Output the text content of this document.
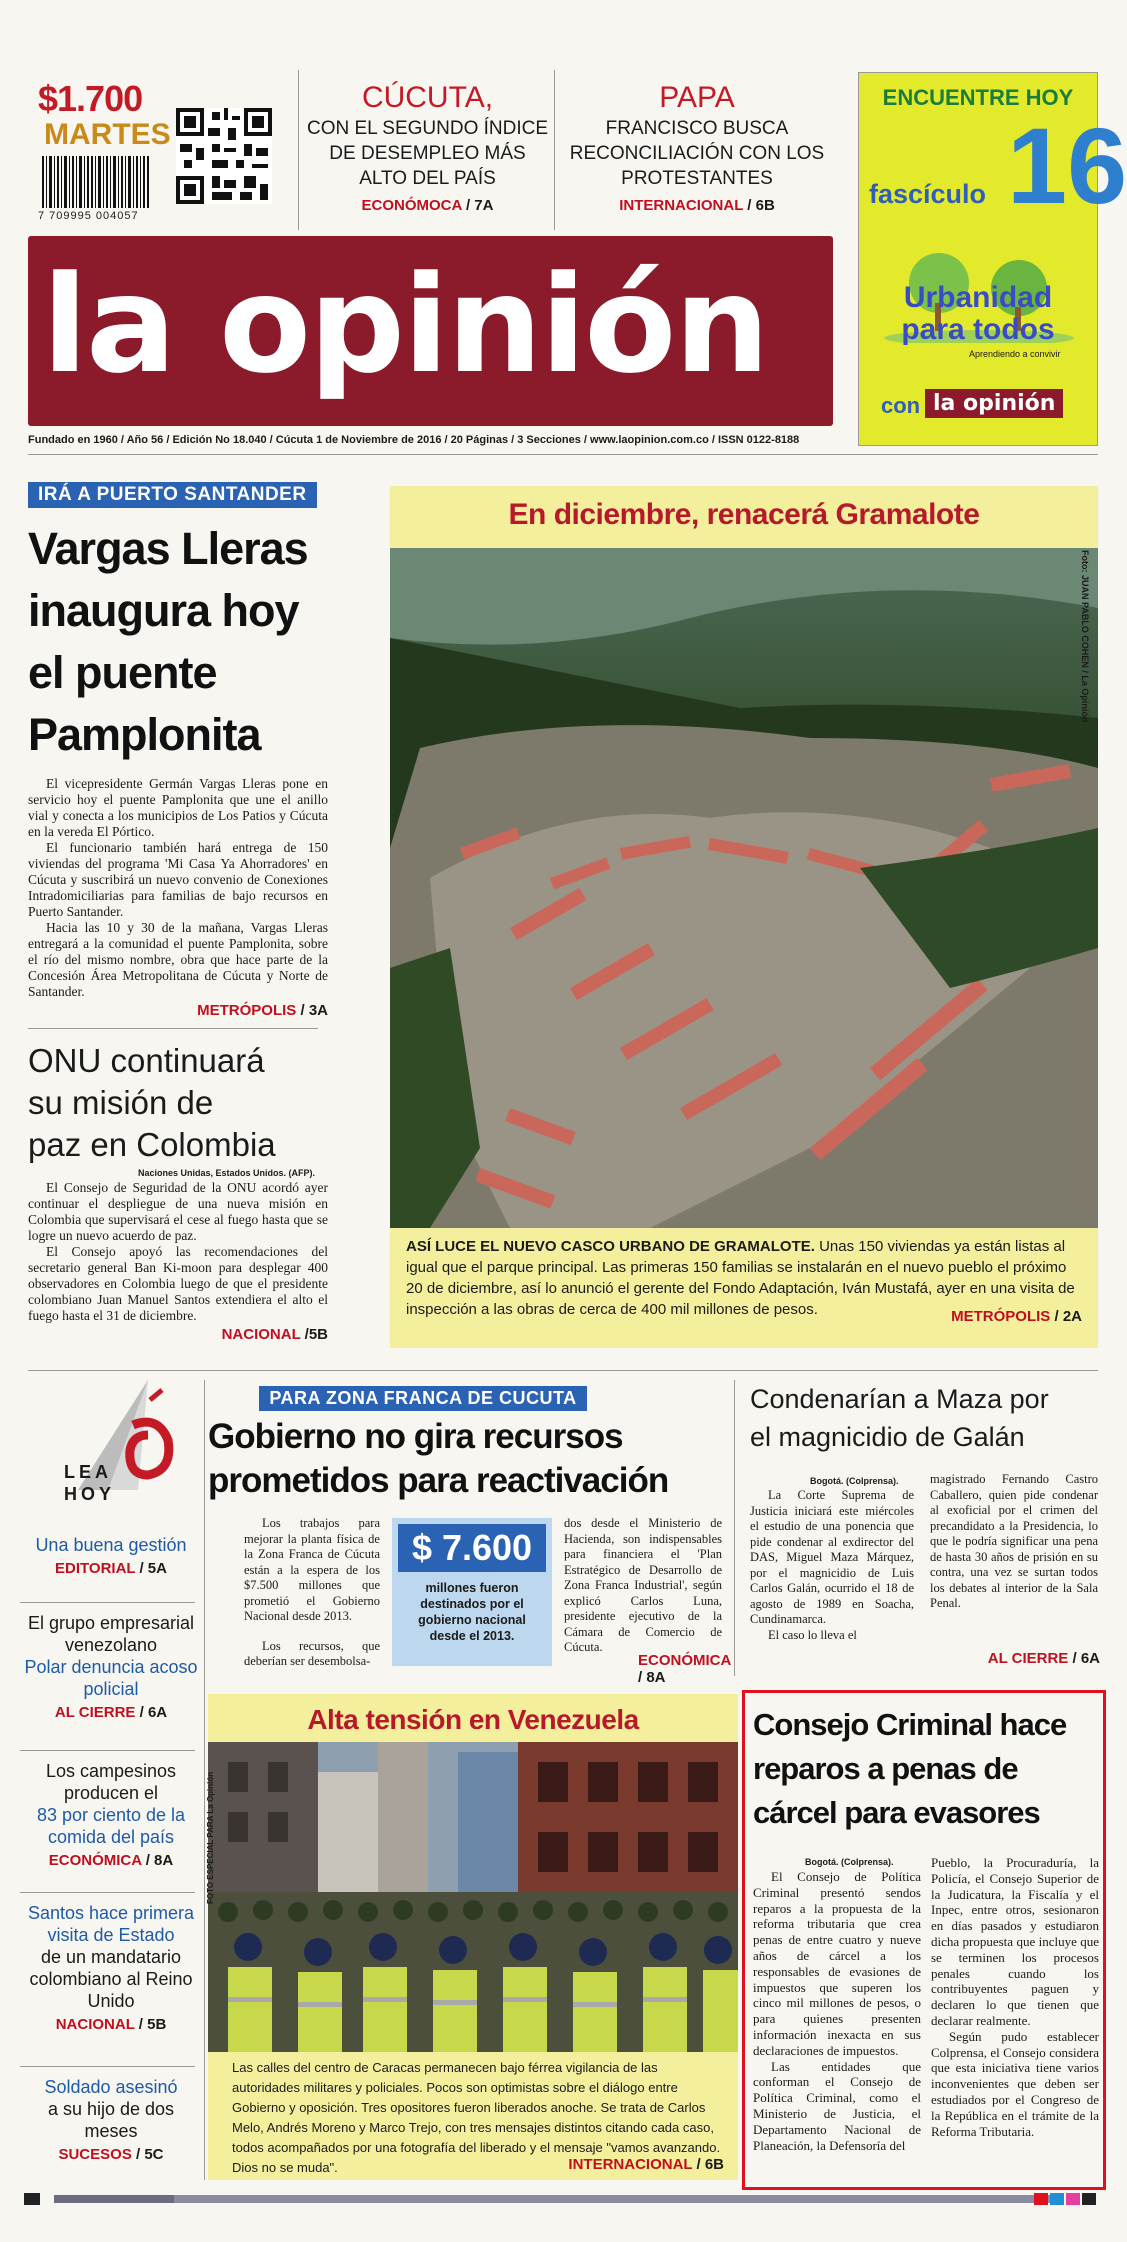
$1.700
MARTES
7 709995 004057
CÚCUTA,
CON EL SEGUNDO ÍNDICE DE DESEMPLEO MÁS ALTO DEL PAÍS
ECONÓMOCA / 7A
PAPA
FRANCISCO BUSCA RECONCILIACIÓN CON LOS PROTESTANTES
INTERNACIONAL / 6B
la opinión
Fundado en 1960 / Año 56 / Edición No 18.040 / Cúcuta 1 de Noviembre de 2016 / 20 Páginas / 3 Secciones / www.laopinion.com.co / ISSN 0122-8188
ENCUENTRE HOY
fascículo 16
Urbanidad
para todos
Aprendiendo a convivir
con la opinión
IRÁ A PUERTO SANTANDER
Vargas Lleras
inaugura hoy
el puente
Pamplonita

El vicepresidente Germán Vargas Lleras pone en servicio hoy el puente Pamplonita que une el anillo vial y conecta a los municipios de Los Patios y Cúcuta en la vereda El Pórtico.

El funcionario también hará entrega de 150 viviendas del programa 'Mi Casa Ya Ahorradores' en Cúcuta y suscribirá un nuevo convenio de Conexiones Intradomiciliarias para familias de bajo recursos en Puerto Santander.

Hacia las 10 y 30 de la mañana, Vargas Lleras entregará a la comunidad el puente Pamplonita, sobre el río del mismo nombre, obra que hace parte de la Concesión Área Metropolitana de Cúcuta y Norte de Santander.

METRÓPOLIS / 3A
ONU continuará
su misión de
paz en Colombia
Naciones Unidas, Estados Unidos. (AFP).

El Consejo de Seguridad de la ONU acordó ayer continuar el despliegue de una nueva misión en Colombia que supervisará el cese al fuego hasta que se logre un nuevo acuerdo de paz.

El Consejo apoyó las recomendaciones del secretario general Ban Ki-moon para desplegar 400 observadores en Colombia luego de que el presidente colombiano Juan Manuel Santos extendiera el alto el fuego hasta el 31 de diciembre.

NACIONAL /5B
En diciembre, renacerá Gramalote
Foto: JUAN PABLO COHEN / La Opinión
ASÍ LUCE EL NUEVO CASCO URBANO DE GRAMALOTE. Unas 150 viviendas ya están listas al igual que el parque principal. Las primeras 150 familias se instalarán en el nuevo pueblo el próximo 20 de diciembre, así lo anunció el gerente del Fondo Adaptación, Iván Mustafá, ayer en una visita de inspección a las obras de cerca de 400 mil millones de pesos.	METRÓPOLIS / 2A
LEA
HOY
Una buena gestión
EDITORIAL / 5A
El grupo empresarial venezolano
Polar denuncia acoso policial
AL CIERRE / 6A
Los campesinos producen el
83 por ciento de la comida del país
ECONÓMICA / 8A
Santos hace primera visita de Estado
de un mandatario colombiano al Reino Unido
NACIONAL / 5B
Soldado asesinó
a su hijo de dos meses
SUCESOS / 5C
PARA ZONA FRANCA DE CUCUTA
Gobierno no gira recursos
prometidos para reactivación

Los trabajos para mejorar la planta física de la Zona Franca de Cúcuta están a la espera de los $7.500 millones que prometió el Gobierno Nacional desde 2013.

Los recursos, que deberían ser desembolsa-

$ 7.600
millones fueron destinados por el gobierno nacional desde el 2013.
dos desde el Ministerio de Hacienda, son indispensables para financiera el 'Plan Estratégico de Desarrollo de Zona Franca Industrial', según explicó Carlos Luna, presidente ejecutivo de la Cámara de Comercio de Cúcuta.
ECONÓMICA / 8A
Condenarían a Maza por
el magnicidio de Galán
Bogotá. (Colprensa).

La Corte Suprema de Justicia iniciará este miércoles el estudio de una ponencia que pide condenar al exdirector del DAS, Miguel Maza Márquez, por el magnicidio de Luis Carlos Galán, ocurrido el 18 de agosto de 1989 en Soacha, Cundinamarca.

El caso lo lleva el

magistrado Fernando Castro Caballero, quien pide condenar al exoficial por el crimen del precandidato a la Presidencia, lo que le podría significar una pena de hasta 30 años de prisión en su contra, una vez se surtan todos los debates al interior de la Sala Penal.
AL CIERRE / 6A
Alta tensión en Venezuela
FOTO ESPECIAL PARA La Opinión
Las calles del centro de Caracas permanecen bajo férrea vigilancia de las autoridades militares y policiales. Pocos son optimistas sobre el diálogo entre Gobierno y oposición. Tres opositores fueron liberados anoche. Se trata de Carlos Melo, Andrés Moreno y Marco Trejo, con tres mensajes distintos citando cada caso, todos acompañados por una fotografía del liberado y el mensaje "vamos avanzando. Dios no se muda".	INTERNACIONAL / 6B
Consejo Criminal hace
reparos a penas de
cárcel para evasores
Bogotá. (Colprensa).

El Consejo de Política Criminal presentó sendos reparos a la propuesta de la reforma tributaria que crea penas de entre cuatro y nueve años de cárcel a los responsables de evasiones de impuestos que superen los cinco mil millones de pesos, o para quienes presenten información inexacta en sus declaraciones de impuestos.

Las entidades que conforman el Consejo de Política Criminal, como el Ministerio de Justicia, el Departamento Nacional de Planeación, la Defensoría del

Pueblo, la Procuraduría, la Policía, el Consejo Superior de la Judicatura, la Fiscalía y el Inpec, entre otros, sesionaron en días pasados y estudiaron dicha propuesta que incluye que se terminen los procesos penales cuando los contribuyentes paguen y declaren lo que tienen que declarar realmente.

Según pudo establecer Colprensa, el Consejo considera que esta iniciativa tiene varios inconvenientes que deben ser estudiados por el Congreso de la República en el trámite de la Reforma Tributaria.
